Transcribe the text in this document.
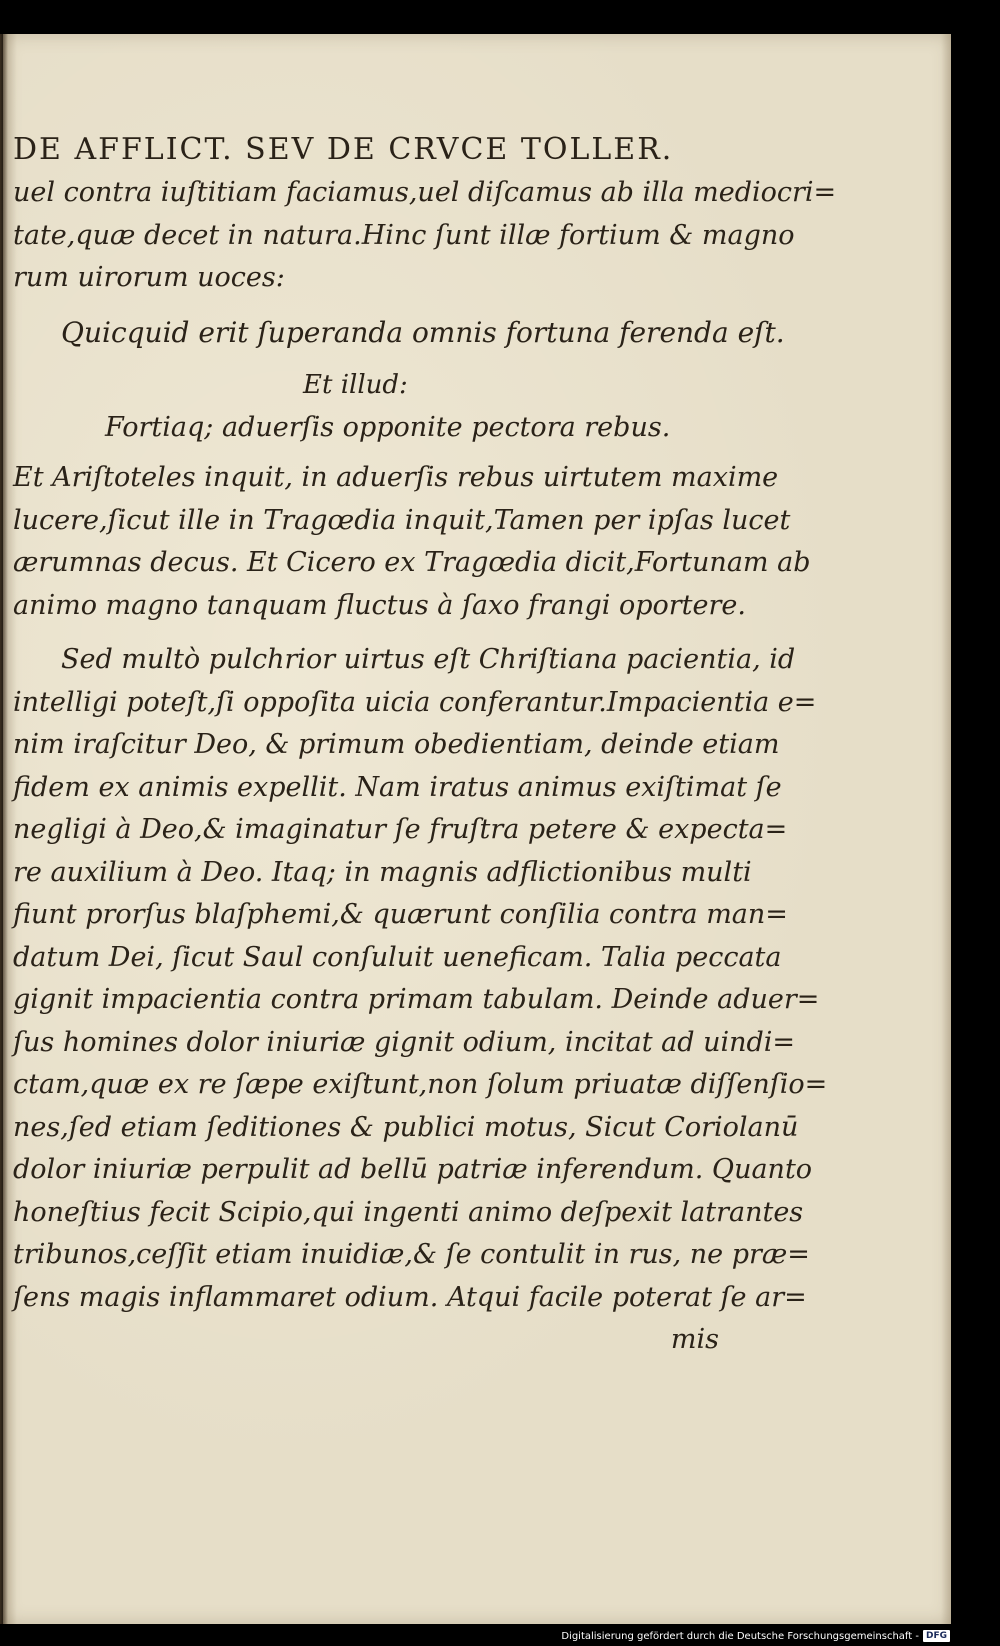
DE AFFLICT. SEV DE CRVCE TOLLER.
uel contra iuſtitiam faciamus,uel diſcamus ab illa mediocri=
tate,quæ decet in natura.Hinc ſunt illæ fortium & magno
rum uirorum uoces:
Quicquid erit ſuperanda omnis fortuna ferenda eſt.
Et illud:
Fortiaq; aduerſis opponite pectora rebus.
Et Ariſtoteles inquit, in aduerſis rebus uirtutem maxime
lucere,ſicut ille in Tragœdia inquit,Tamen per ipſas lucet
ærumnas decus. Et Cicero ex Tragœdia dicit,Fortunam ab
animo magno tanquam fluctus à ſaxo frangi oportere.
Sed multò pulchrior uirtus eſt Chriſtiana pacientia, id
intelligi poteſt,ſi oppoſita uicia conferantur.Impacientia e=
nim iraſcitur Deo, & primum obedientiam, deinde etiam
fidem ex animis expellit. Nam iratus animus exiſtimat ſe
negligi à Deo,& imaginatur ſe fruſtra petere & expecta=
re auxilium à Deo. Itaq; in magnis adflictionibus multi
fiunt prorſus blaſphemi,& quærunt conſilia contra man=
datum Dei, ſicut Saul conſuluit ueneficam. Talia peccata
gignit impacientia contra primam tabulam. Deinde aduer=
ſus homines dolor iniuriæ gignit odium, incitat ad uindi=
ctam,quæ ex re ſæpe exiſtunt,non ſolum priuatæ diſſenſio=
nes,ſed etiam ſeditiones & publici motus, Sicut Coriolanū
dolor iniuriæ perpulit ad bellū patriæ inferendum. Quanto
honeſtius fecit Scipio,qui ingenti animo deſpexit latrantes
tribunos,ceſſit etiam inuidiæ,& ſe contulit in rus, ne præ=
ſens magis inflammaret odium. Atqui facile poterat ſe ar=
mis
Digitalisierung gefördert durch die Deutsche Forschungsgemeinschaft - DFG
